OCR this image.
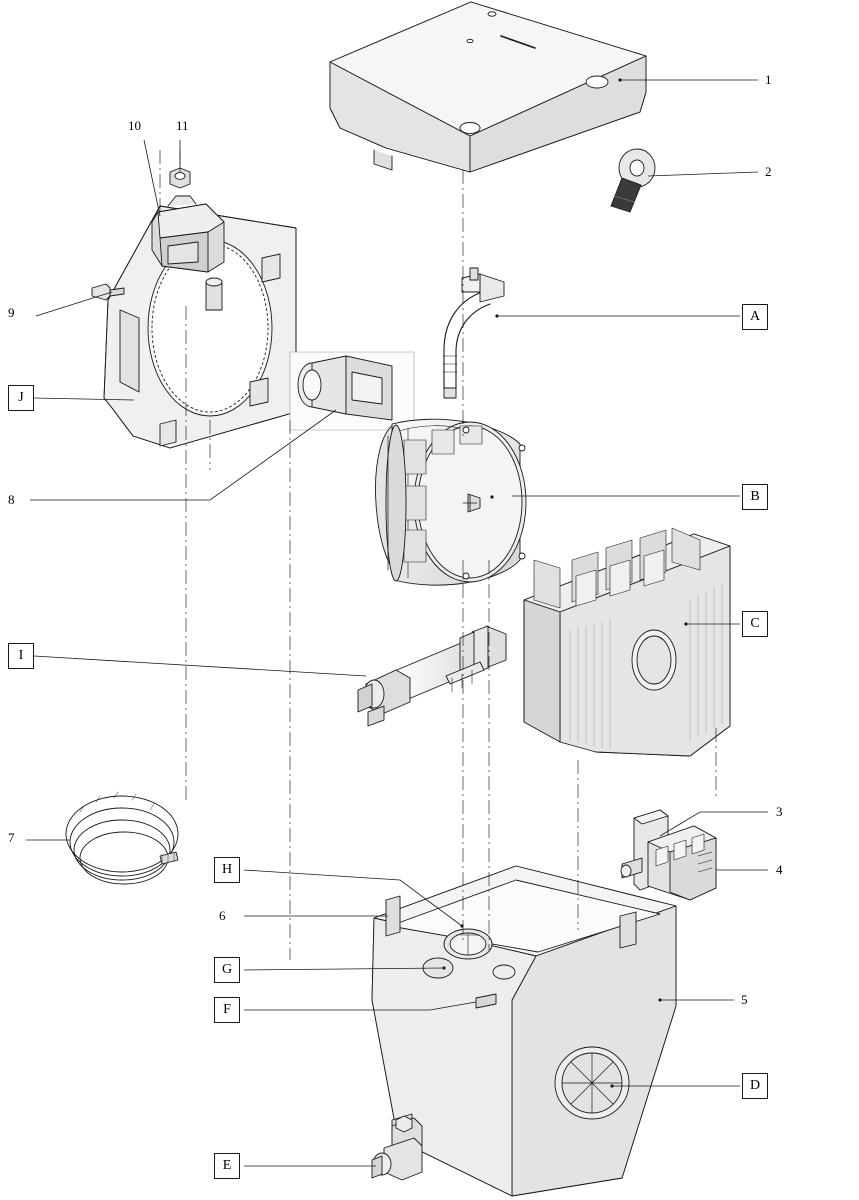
A
B
C
D
E
F
G
H
I
J
1
2
3
4
5
6
7
8
9
10	11
